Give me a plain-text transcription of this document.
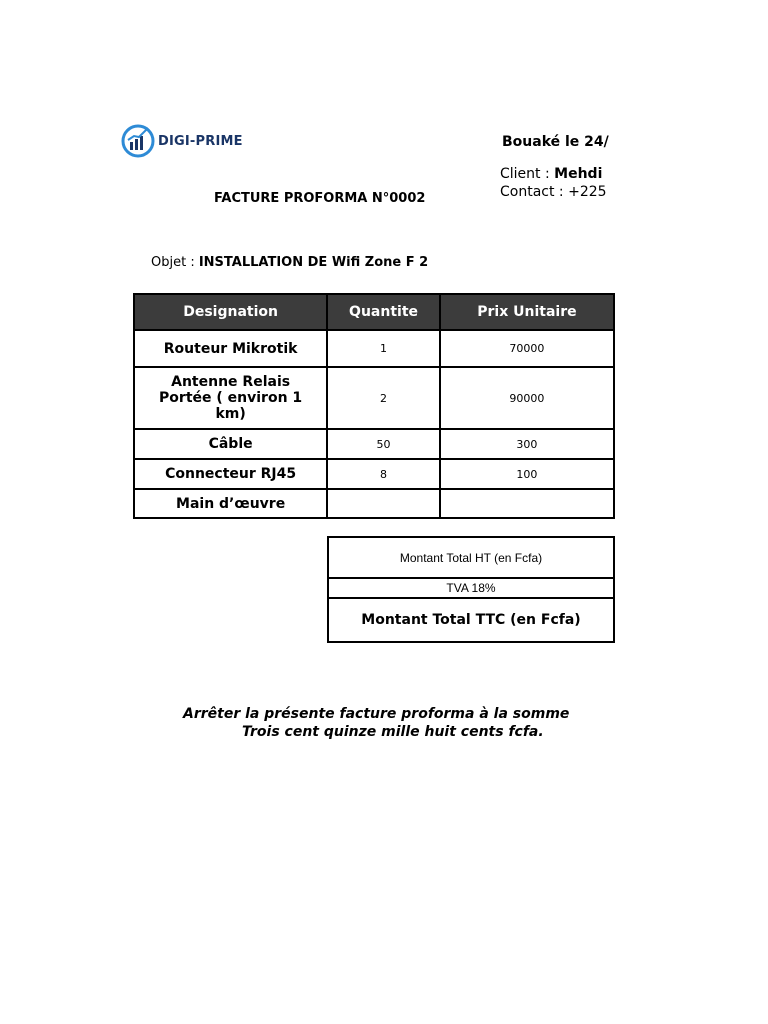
DIGI-PRIME	Bouaké le 24/
Client : Mehdi
Contact : +225
FACTURE PROFORMA N°0002
Objet : INSTALLATION DE Wifi Zone F 2
Designation	Quantite	Prix Unitaire
Routeur Mikrotik	1	70000
Antenne Relais Portée ( environ 1 km)	2	90000
Câble	50	300
Connecteur RJ45	8	100
Main d’œuvre		
Montant Total HT (en Fcfa)
TVA 18%
Montant Total TTC (en Fcfa)
Arrêter la présente facture proforma à la somme
Trois cent quinze mille huit cents fcfa.
